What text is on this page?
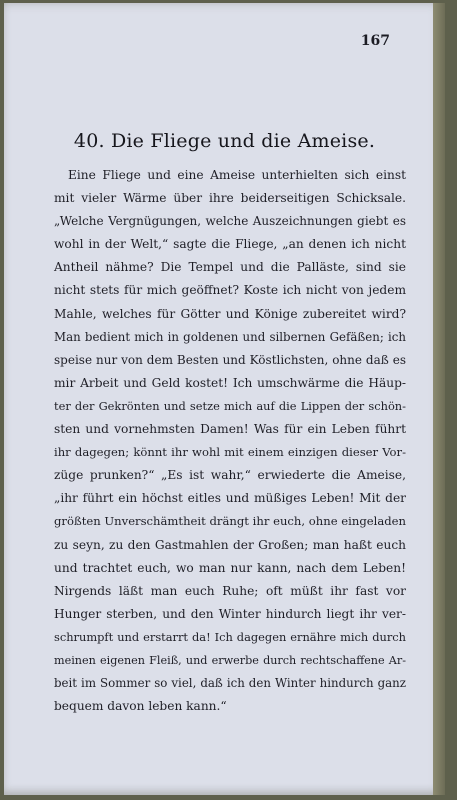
167
40. Die Fliege und die Ameise.
Eine Fliege und eine Ameise unterhielten sich einst
mit vieler Wärme über ihre beiderseitigen Schicksale.
„Welche Vergnügungen, welche Auszeichnungen giebt es
wohl in der Welt,“ sagte die Fliege, „an denen ich nicht
Antheil nähme? Die Tempel und die Palläste, sind sie
nicht stets für mich geöffnet? Koste ich nicht von jedem
Mahle, welches für Götter und Könige zubereitet wird?
Man bedient mich in goldenen und silbernen Gefäßen; ich
speise nur von dem Besten und Köstlichsten, ohne daß es
mir Arbeit und Geld kostet! Ich umschwärme die Häup-
ter der Gekrönten und setze mich auf die Lippen der schön-
sten und vornehmsten Damen! Was für ein Leben führt
ihr dagegen; könnt ihr wohl mit einem einzigen dieser Vor-
züge prunken?“ „Es ist wahr,“ erwiederte die Ameise,
„ihr führt ein höchst eitles und müßiges Leben! Mit der
größten Unverschämtheit drängt ihr euch, ohne eingeladen
zu seyn, zu den Gastmahlen der Großen; man haßt euch
und trachtet euch, wo man nur kann, nach dem Leben!
Nirgends läßt man euch Ruhe; oft müßt ihr fast vor
Hunger sterben, und den Winter hindurch liegt ihr ver-
schrumpft und erstarrt da! Ich dagegen ernähre mich durch
meinen eigenen Fleiß, und erwerbe durch rechtschaffene Ar-
beit im Sommer so viel, daß ich den Winter hindurch ganz
bequem davon leben kann.“
